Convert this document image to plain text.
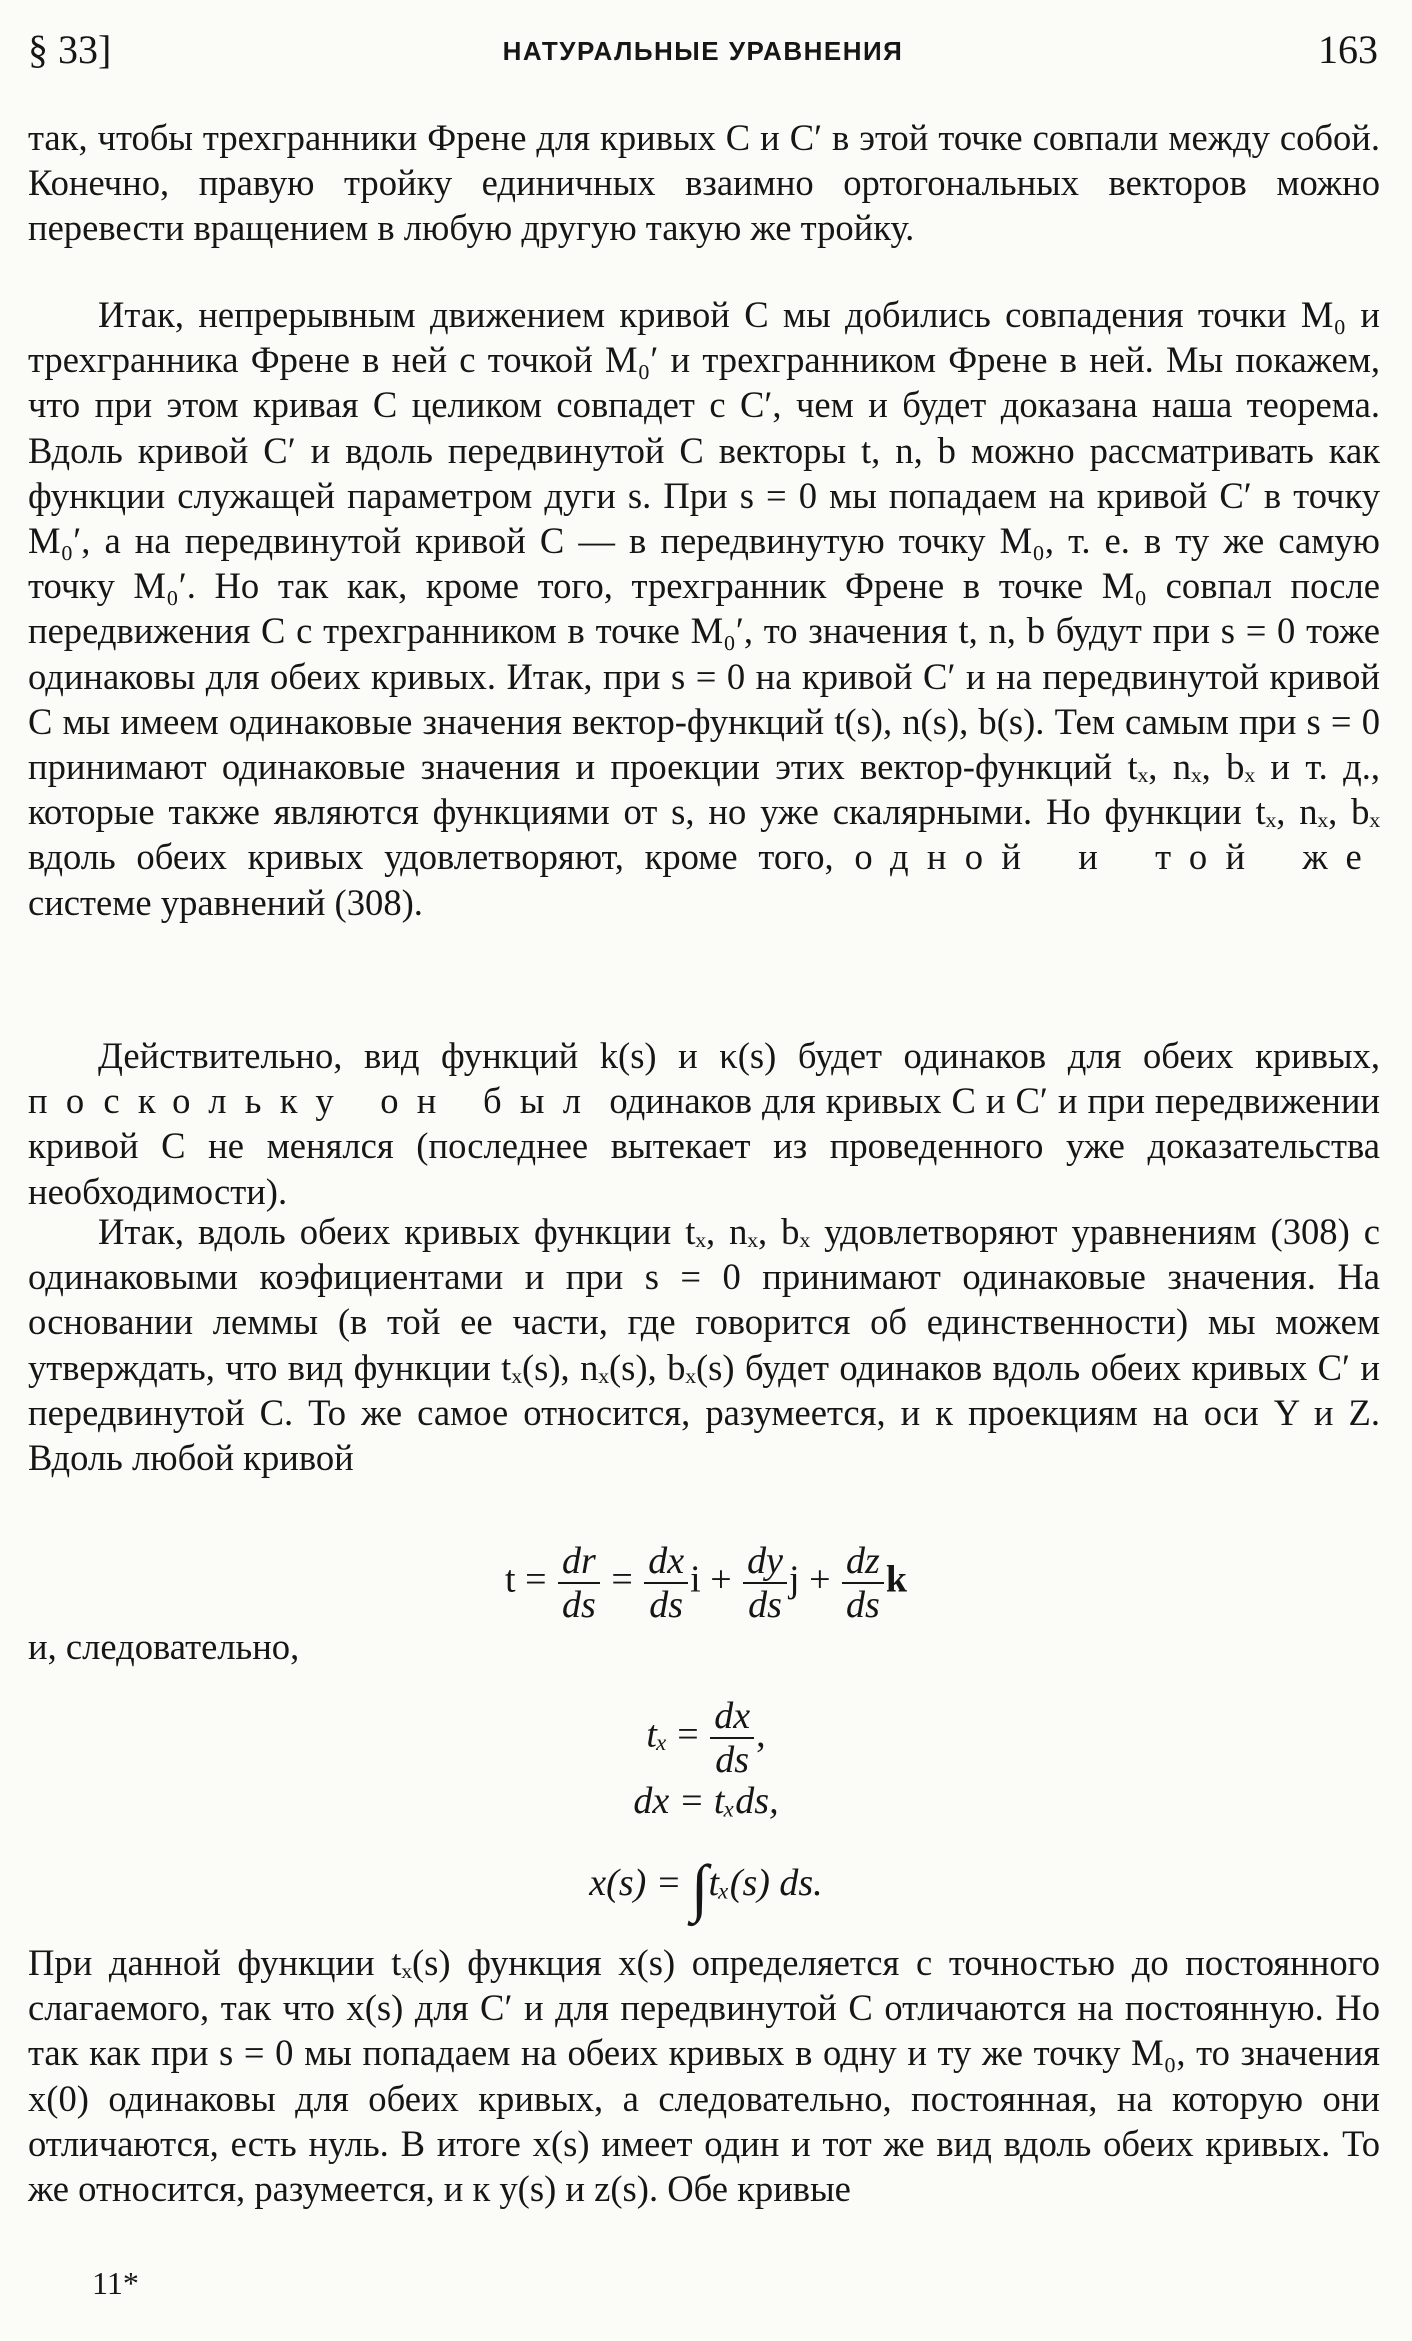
§ 33]	НАТУРАЛЬНЫЕ УРАВНЕНИЯ	163
так, чтобы трехгранники Френе для кривых C и C′ в этой точке совпали между собой. Конечно, правую тройку единичных взаимно ортогональных векторов можно перевести вращением в любую другую такую же тройку.
Итак, непрерывным движением кривой C мы добились совпадения точки M₀ и трехгранника Френе в ней с точкой M₀′ и трехгранником Френе в ней. Мы покажем, что при этом кривая C целиком совпадет с C′, чем и будет доказана наша теорема. Вдоль кривой C′ и вдоль передвинутой C векторы t, n, b можно рассматривать как функции служащей параметром дуги s. При s = 0 мы попадаем на кривой C′ в точку M₀′, а на передвинутой кривой C — в передвинутую точку M₀, т. е. в ту же самую точку M₀′. Но так как, кроме того, трехгранник Френе в точке M₀ совпал после передвижения C с трехгранником в точке M₀′, то значения t, n, b будут при s = 0 тоже одинаковы для обеих кривых. Итак, при s = 0 на кривой C′ и на передвинутой кривой C мы имеем одинаковые значения вектор-функций t(s), n(s), b(s). Тем самым при s = 0 принимают одинаковые значения и проекции этих вектор-функций tₓ, nₓ, bₓ и т. д., которые также являются функциями от s, но уже скалярными. Но функции tₓ, nₓ, bₓ вдоль обеих кривых удовлетворяют, кроме того, одной и той же системе уравнений (308).
Действительно, вид функций k(s) и κ(s) будет одинаков для обеих кривых, поскольку он был одинаков для кривых C и C′ и при передвижении кривой C не менялся (последнее вытекает из проведенного уже доказательства необходимости).
Итак, вдоль обеих кривых функции tₓ, nₓ, bₓ удовлетворяют уравнениям (308) с одинаковыми коэфициентами и при s = 0 принимают одинаковые значения. На основании леммы (в той ее части, где говорится об единственности) мы можем утверждать, что вид функции tₓ(s), nₓ(s), bₓ(s) будет одинаков вдоль обеих кривых C′ и передвинутой C. То же самое относится, разумеется, и к проекциям на оси Y и Z. Вдоль любой кривой
$t = \frac{dr}{ds} = \frac{dx}{ds}$ $i + \frac{dy}{ds}$ $j + \frac{dz}{ds}$ k
и, следовательно,
$t_x = \frac{dx}{ds}$ ,
dx = tₓds,
x(s) = ∫tₓ(s) ds.
При данной функции tₓ(s) функция x(s) определяется с точностью до постоянного слагаемого, так что x(s) для C′ и для передвинутой C отличаются на постоянную. Но так как при s = 0 мы попадаем на обеих кривых в одну и ту же точку M₀, то значения x(0) одинаковы для обеих кривых, а следовательно, постоянная, на которую они отличаются, есть нуль. В итоге x(s) имеет один и тот же вид вдоль обеих кривых. То же относится, разумеется, и к y(s) и z(s). Обе кривые
11*
